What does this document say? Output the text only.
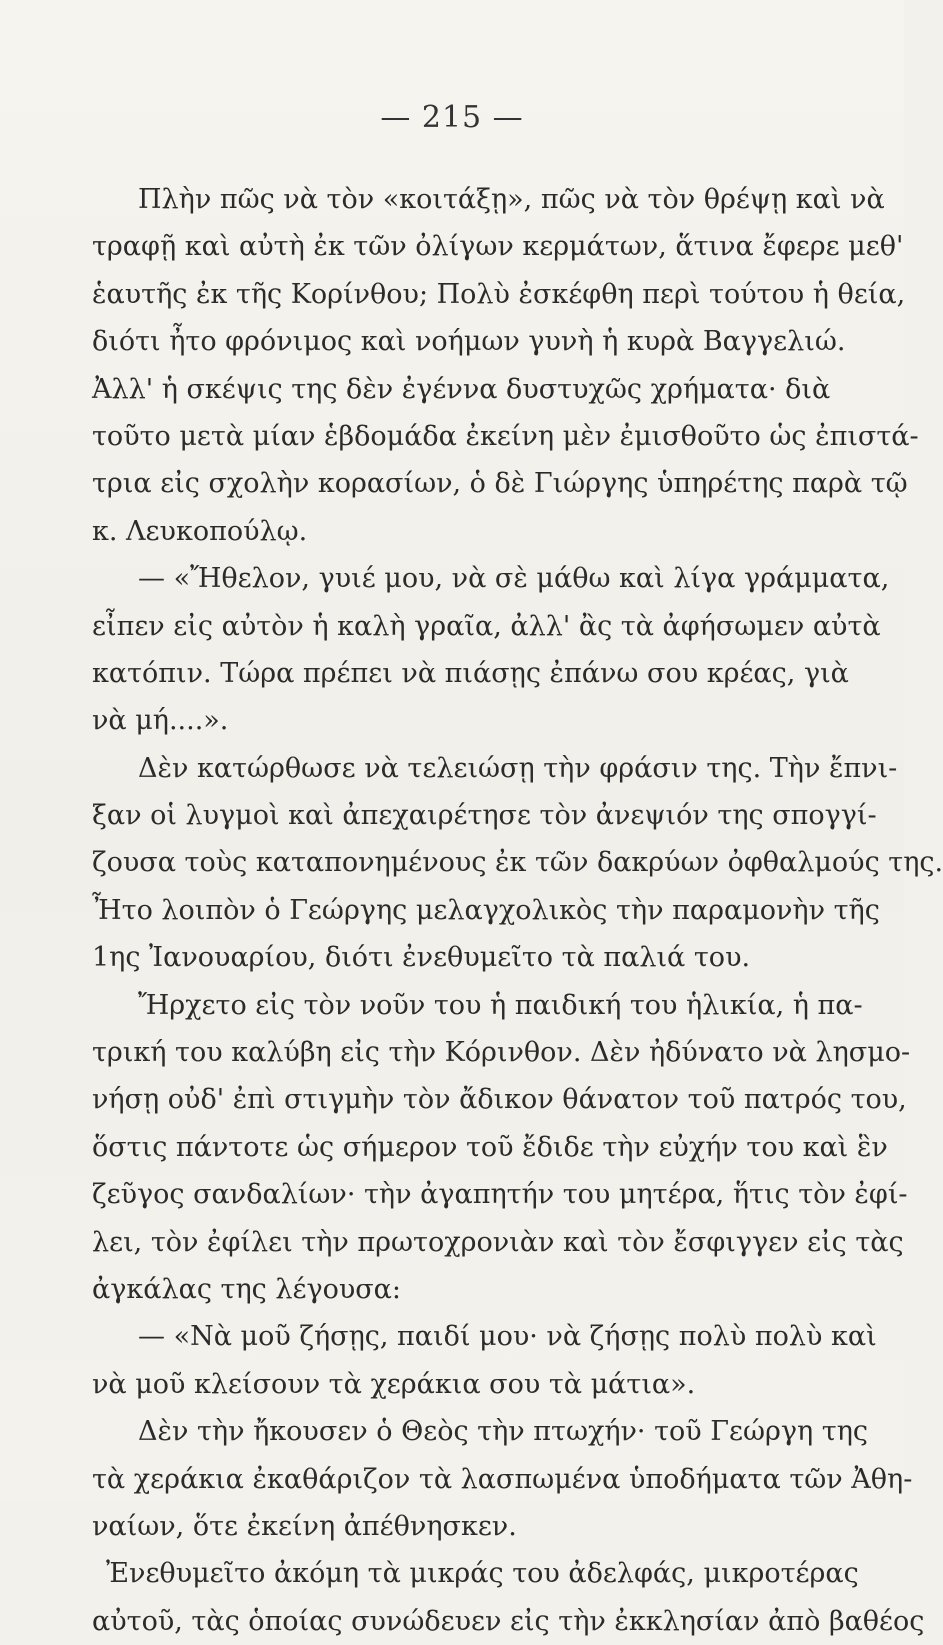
— 215 —
Πλὴν πῶς νὰ τὸν «κοιτάξῃ», πῶς νὰ τὸν θρέψῃ καὶ νὰ
τραφῇ καὶ αὐτὴ ἐκ τῶν ὀλίγων κερμάτων, ἅτινα ἔφερε μεθ'
ἑαυτῆς ἐκ τῆς Κορίνθου; Πολὺ ἐσκέφθη περὶ τούτου ἡ θεία,
διότι ἦτο φρόνιμος καὶ νοήμων γυνὴ ἡ κυρὰ Βαγγελιώ.
Ἀλλ' ἡ σκέψις της δὲν ἐγέννα δυστυχῶς χρήματα· διὰ
τοῦτο μετὰ μίαν ἑβδομάδα ἐκείνη μὲν ἐμισθοῦτο ὡς ἐπιστά-
τρια εἰς σχολὴν κορασίων, ὁ δὲ Γιώργης ὑπηρέτης παρὰ τῷ
κ. Λευκοπούλῳ.
— «Ἤθελον, γυιέ μου, νὰ σὲ μάθω καὶ λίγα γράμματα,
εἶπεν εἰς αὐτὸν ἡ καλὴ γραῖα, ἀλλ' ἂς τὰ ἀφήσωμεν αὐτὰ
κατόπιν. Τώρα πρέπει νὰ πιάσῃς ἐπάνω σου κρέας, γιὰ
νὰ μή....».
Δὲν κατώρθωσε νὰ τελειώσῃ τὴν φράσιν της. Τὴν ἔπνι-
ξαν οἱ λυγμοὶ καὶ ἀπεχαιρέτησε τὸν ἀνεψιόν της σπογγί-
ζουσα τοὺς καταπονημένους ἐκ τῶν δακρύων ὀφθαλμούς της.
Ἦτο λοιπὸν ὁ Γεώργης μελαγχολικὸς τὴν παραμονὴν τῆς
1ης Ἰανουαρίου, διότι ἐνεθυμεῖτο τὰ παλιά του.
Ἤρχετο εἰς τὸν νοῦν του ἡ παιδική του ἡλικία, ἡ πα-
τρική του καλύβη εἰς τὴν Κόρινθον. Δὲν ἠδύνατο νὰ λησμο-
νήσῃ οὐδ' ἐπὶ στιγμὴν τὸν ἄδικον θάνατον τοῦ πατρός του,
ὅστις πάντοτε ὡς σήμερον τοῦ ἔδιδε τὴν εὐχήν του καὶ ἓν
ζεῦγος σανδαλίων· τὴν ἀγαπητήν του μητέρα, ἥτις τὸν ἐφί-
λει, τὸν ἐφίλει τὴν πρωτοχρονιὰν καὶ τὸν ἔσφιγγεν εἰς τὰς
ἀγκάλας της λέγουσα:
— «Νὰ μοῦ ζήσῃς, παιδί μου· νὰ ζήσῃς πολὺ πολὺ καὶ
νὰ μοῦ κλείσουν τὰ χεράκια σου τὰ μάτια».
Δὲν τὴν ἤκουσεν ὁ Θεὸς τὴν πτωχήν· τοῦ Γεώργη της
τὰ χεράκια ἐκαθάριζον τὰ λασπωμένα ὑποδήματα τῶν Ἀθη-
ναίων, ὅτε ἐκείνη ἀπέθνησκεν.
Ἐνεθυμεῖτο ἀκόμη τὰ μικράς του ἀδελφάς, μικροτέρας
αὐτοῦ, τὰς ὁποίας συνώδευεν εἰς τὴν ἐκκλησίαν ἀπὸ βαθέος
